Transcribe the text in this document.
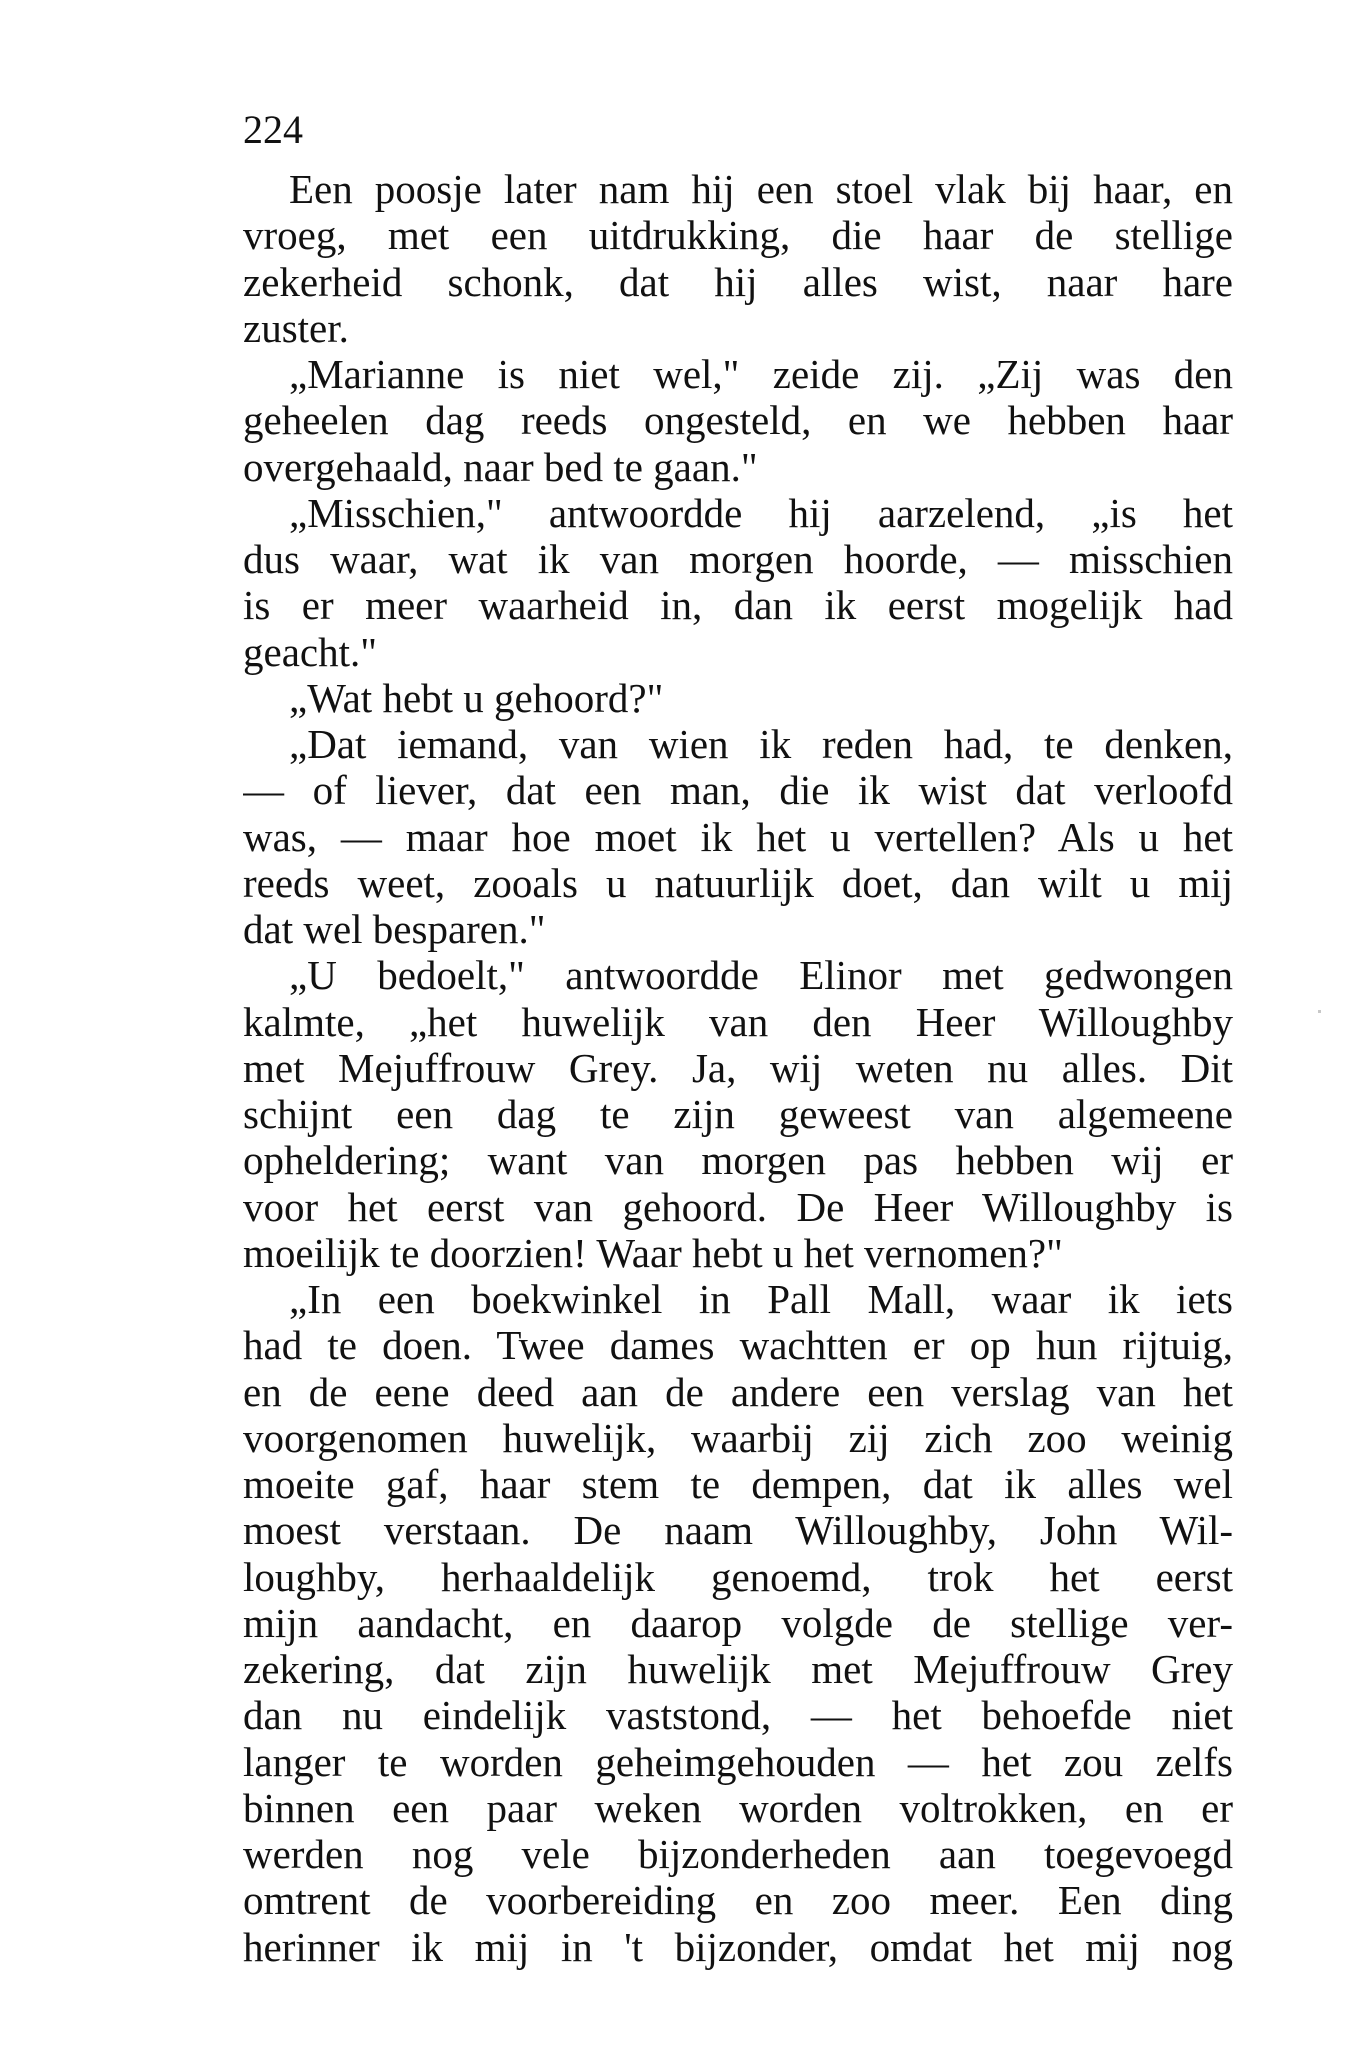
224
Een poosje later nam hij een stoel vlak bij haar, en
vroeg, met een uitdrukking, die haar de stellige
zekerheid schonk, dat hij alles wist, naar hare
zuster.
„Marianne is niet wel," zeide zij. „Zij was den
geheelen dag reeds ongesteld, en we hebben haar
overgehaald, naar bed te gaan."
„Misschien," antwoordde hij aarzelend, „is het
dus waar, wat ik van morgen hoorde, — misschien
is er meer waarheid in, dan ik eerst mogelijk had
geacht."
„Wat hebt u gehoord?"
„Dat iemand, van wien ik reden had, te denken,
— of liever, dat een man, die ik wist dat verloofd
was, — maar hoe moet ik het u vertellen? Als u het
reeds weet, zooals u natuurlijk doet, dan wilt u mij
dat wel besparen."
„U bedoelt," antwoordde Elinor met gedwongen
kalmte, „het huwelijk van den Heer Willoughby
met Mejuffrouw Grey. Ja, wij weten nu alles. Dit
schijnt een dag te zijn geweest van algemeene
opheldering; want van morgen pas hebben wij er
voor het eerst van gehoord. De Heer Willoughby is
moeilijk te doorzien! Waar hebt u het vernomen?"
„In een boekwinkel in Pall Mall, waar ik iets
had te doen. Twee dames wachtten er op hun rijtuig,
en de eene deed aan de andere een verslag van het
voorgenomen huwelijk, waarbij zij zich zoo weinig
moeite gaf, haar stem te dempen, dat ik alles wel
moest verstaan. De naam Willoughby, John Wil-
loughby, herhaaldelijk genoemd, trok het eerst
mijn aandacht, en daarop volgde de stellige ver-
zekering, dat zijn huwelijk met Mejuffrouw Grey
dan nu eindelijk vaststond, — het behoefde niet
langer te worden geheimgehouden — het zou zelfs
binnen een paar weken worden voltrokken, en er
werden nog vele bijzonderheden aan toegevoegd
omtrent de voorbereiding en zoo meer. Een ding
herinner ik mij in 't bijzonder, omdat het mij nog
